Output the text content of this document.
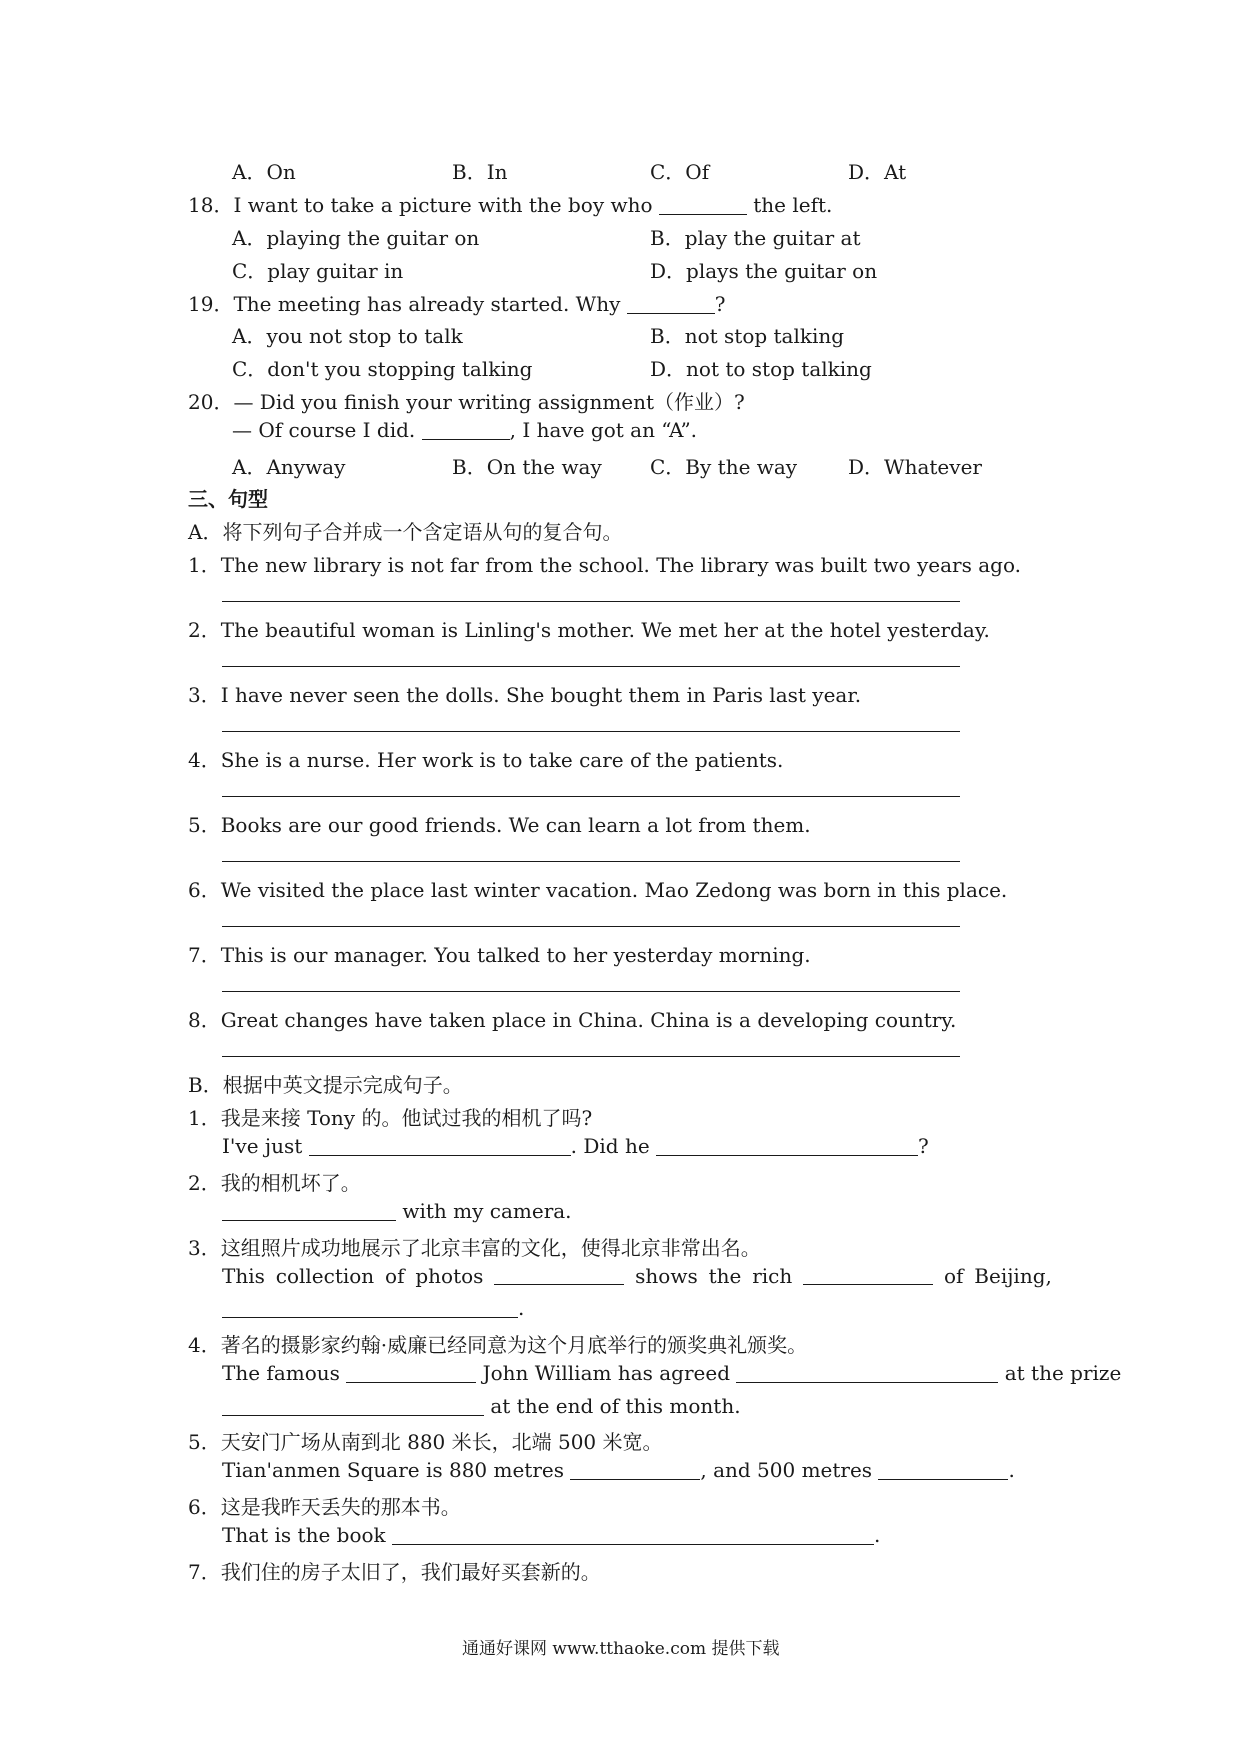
A．On	B．In	C．Of	D．At
18．I want to take a picture with the boy who	the left.
A．playing the guitar on	B．play the guitar at
C．play guitar in	D．plays the guitar on
19．The meeting has already started. Why	?
A．you not stop to talk	B．not stop talking
C．don't you stopping talking	D．not to stop talking
20．— Did you finish your writing assignment（作业）?
— Of course I did.	, I have got an “A”.
A．Anyway	B．On the way C．By the way	D．Whatever
三、句型
A．将下列句子合并成一个含定语从句的复合句。
1．The new library is not far from the school. The library was built two years ago.
2．The beautiful woman is Linling's mother. We met her at the hotel yesterday.
3．I have never seen the dolls. She bought them in Paris last year.
4．She is a nurse. Her work is to take care of the patients.
5．Books are our good friends. We can learn a lot from them.
6．We visited the place last winter vacation. Mao Zedong was born in this place.
7．This is our manager. You talked to her yesterday morning.
8．Great changes have taken place in China. China is a developing country.
B．根据中英文提示完成句子。
1．我是来接 Tony 的。他试过我的相机了吗?
I've just	. Did he	?
2．我的相机坏了。
with my camera.
3．这组照片成功地展示了北京丰富的文化，使得北京非常出名。
This collection of photos	shows the rich	of Beijing,
.
4．著名的摄影家约翰·威廉已经同意为这个月底举行的颁奖典礼颁奖。
The famous	John William has agreed	at the prize
at the end of this month.
5．天安门广场从南到北 880 米长，北端 500 米宽。
Tian'anmen Square is 880 metres	, and 500 metres	.
6．这是我昨天丢失的那本书。
That is the book	.
7．我们住的房子太旧了，我们最好买套新的。
通通好课网 www.tthaoke.com 提供下载
